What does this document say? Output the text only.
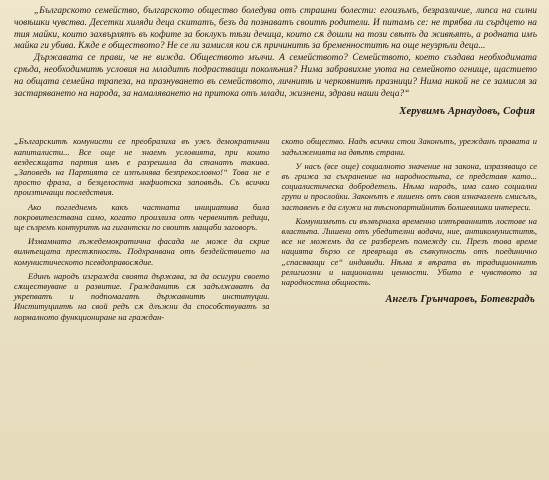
„Българското семейство, българското общество боледува отъ страшни болести: егоизъмъ, безразличие, липса на силни човѣшки чувства. Десетки хиляди деца скитатъ, безъ да познаватъ своитѣ родители. И питамъ се: не трябва ли сърдцето на тия майки, които захвърлятъ въ кофите за боклукъ тѣзи дечица, които сѫ дошли на този свѣтъ да живѣятъ, а родната имъ майка ги убива. Кѫде е обществото? Не се ли замисля кои сѫ причинитѣ за бременноститѣ на още неузрѣли деца...

Държавата се прави, че не вижда. Обществото мълчи. А семейството? Семейството, което създава необходимата срѣда, необходимитѣ условия на младитѣ подрастващи поколѣния? Нима забравихме уюта на семейното огнище, щастието на общата семейна трапеза, на празнуването въ семейството, личнитѣ и черковнитѣ празници? Нима никой не се замисля за застаряването на народа, за намаляването на притока отъ млади, жизнени, здрави наши деца?“

Херувимъ Арнаудовъ, София

„Българскитѣ комунисти се преобразиха въ ужъ демократични капиталисти... Все още не знаемъ условията, при които вездесѫщата партия имъ е разрешила да станатъ такива. „Заповедь на Партията се изпълнява безпрекословно!“ Това не е просто фраза, а безцелостна мафиотска заповѣдь. Съ всички произтичащи последствия.

Ако погледнемъ какъ частната инициатива била покровителствана само, когато произлиза отъ червенитѣ редици, ще съзремъ контуритѣ на гигантски по своитѣ мащаби заговоръ.

Измамната лъжедемократична фасада не може да скрие вилнѣещата престѫпность. Подхранвана отъ бездействието на комунистическото псевдоправосѫдие.

Единъ народъ изгражда своята държава, за да осигури своето сѫществуване и развитие. Гражданитѣ сѫ задължаватъ да укрепватъ и подпомагатъ държавнитѣ институции. Институциитѣ на свой редъ сѫ длъжни да способствуватъ за нормалното функциониране на граждан-

ското общество. Надъ всички стои Законътъ, урежданъ правата и задълженията на двѣтѣ страни.

У насъ (все още) социалното значение на закона, изразяващо се въ грижа за съхранение на народностьта, се представя катo... социалистическа добродетель. Нѣма народъ, има само социални групи и прослойки. Законътъ е лишенъ отъ своя изначаленъ смисълъ, заставенъ е да служи на тѣснопартийнитѣ болшевишки интереси.

Комунизмътъ си възвърнаха временно изтърваннитѣ лостове на властьта. Лишени отъ убедителни водачи, ние, антикомуниститѣ, все не можемъ да се разберемъ помежду си. Презъ това време нацията бързо се превръща въ съвкупность отъ поединично „спасяващи се“ индивиди. Нѣма я вѣрата въ традиционнитѣ религиозни и национални ценности. Убито е чувството за народностна общность.

Ангелъ Грънчаровъ, Ботевградъ
